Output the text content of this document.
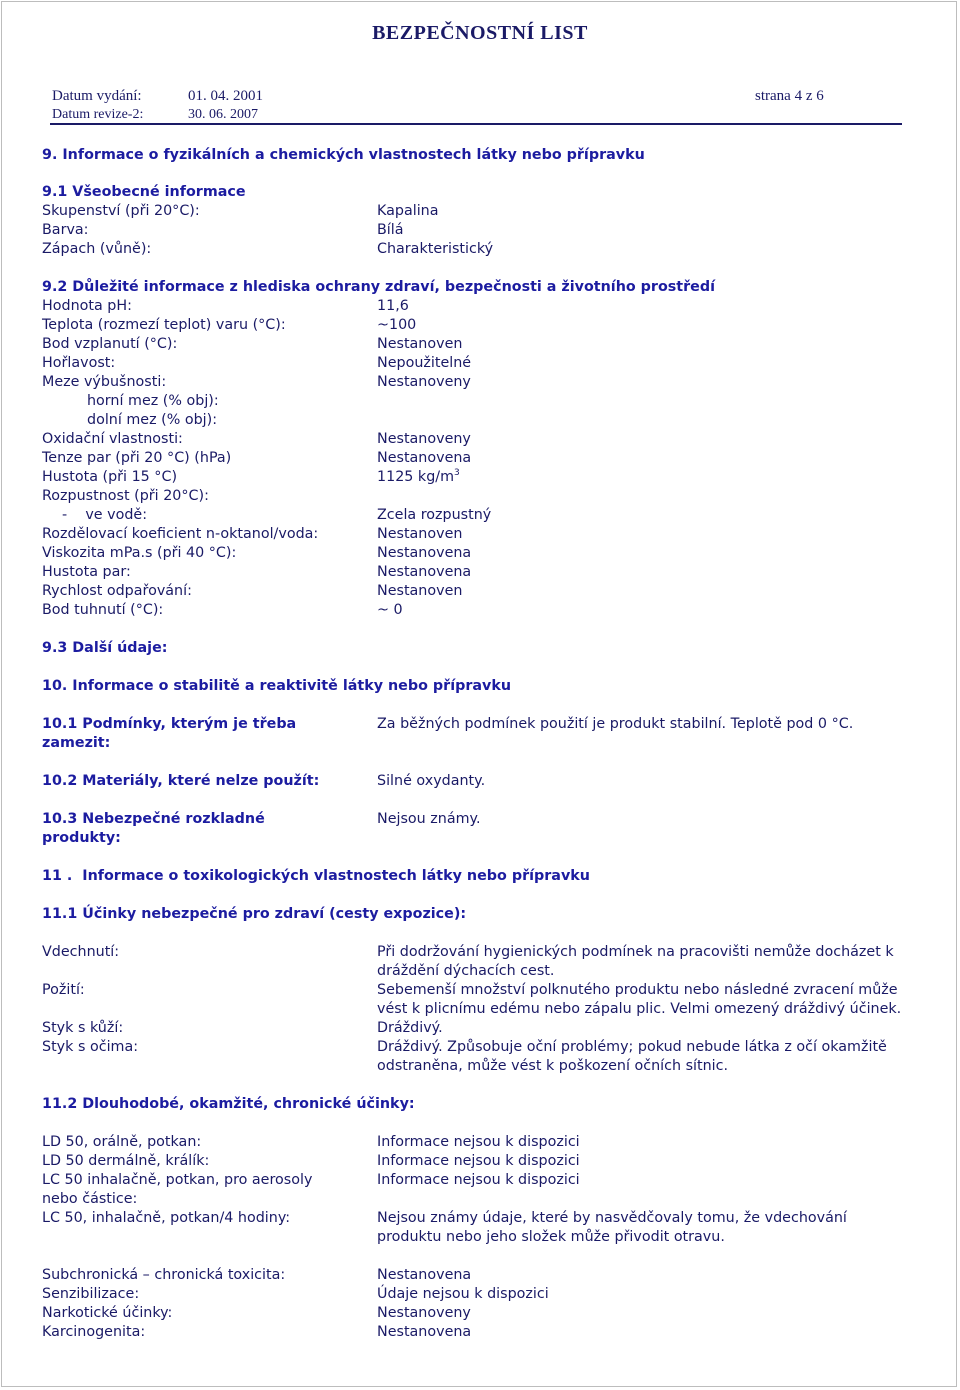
BEZPEČNOSTNÍ LIST
Datum vydání:	01. 04. 2001	strana 4 z 6
Datum revize-2:	30. 06. 2007
9. Informace o fyzikálních a chemických vlastnostech látky nebo přípravku
9.1 Všeobecné informace
Skupenství (při 20°C):	Kapalina
Barva:	Bílá
Zápach (vůně):	Charakteristický
9.2 Důležité informace z hlediska ochrany zdraví, bezpečnosti a životního prostředí
Hodnota pH:	11,6
Teplota (rozmezí teplot) varu (°C):	~100
Bod vzplanutí (°C):	Nestanoven
Hořlavost:	Nepoužitelné
Meze výbušnosti:	Nestanoveny
horní mez (% obj):
dolní mez (% obj):
Oxidační vlastnosti:	Nestanoveny
Tenze par (při 20 °C) (hPa)	Nestanovena
Hustota (při 15 °C)	1125 $kg/m^3$
Rozpustnost (při 20°C):
-    ve vodě:	Zcela rozpustný
Rozdělovací koeficient n-oktanol/voda:	Nestanoven
Viskozita mPa.s (při 40 °C):	Nestanovena
Hustota par:	Nestanovena
Rychlost odpařování:	Nestanoven
Bod tuhnutí (°C):	~ 0
9.3 Další údaje:
10. Informace o stabilitě a reaktivitě látky nebo přípravku
10.1 Podmínky, kterým je třeba
zamezit:
Za běžných podmínek použití je produkt stabilní. Teplotě pod 0 °C.
10.2 Materiály, které nelze použít:	Silné oxydanty.
10.3 Nebezpečné rozkladné
produkty:
Nejsou známy.
11 .  Informace o toxikologických vlastnostech látky nebo přípravku
11.1 Účinky nebezpečné pro zdraví (cesty expozice):
Vdechnutí:	Při dodržování hygienických podmínek na pracovišti nemůže docházet k dráždění dýchacích cest.
Požití:	Sebemenší množství polknutého produktu nebo následné zvracení může vést k plicnímu edému nebo zápalu plic. Velmi omezený dráždivý účinek.
Styk s kůží:	Dráždivý.
Styk s očima:	Dráždivý. Způsobuje oční problémy; pokud nebude látka z očí okamžitě odstraněna, může vést k poškození očních sítnic.
11.2 Dlouhodobé, okamžité, chronické účinky:
LD 50, orálně, potkan:	Informace nejsou k dispozici
LD 50 dermálně, králík:	Informace nejsou k dispozici
LC 50 inhalačně, potkan, pro aerosoly
nebo částice:
Informace nejsou k dispozici
LC 50, inhalačně, potkan/4 hodiny:	Nejsou známy údaje, které by nasvědčovaly tomu, že vdechování produktu nebo jeho složek může přivodit otravu.
Subchronická – chronická toxicita:	Nestanovena
Senzibilizace:	Údaje nejsou k dispozici
Narkotické účinky:	Nestanoveny
Karcinogenita:	Nestanovena
